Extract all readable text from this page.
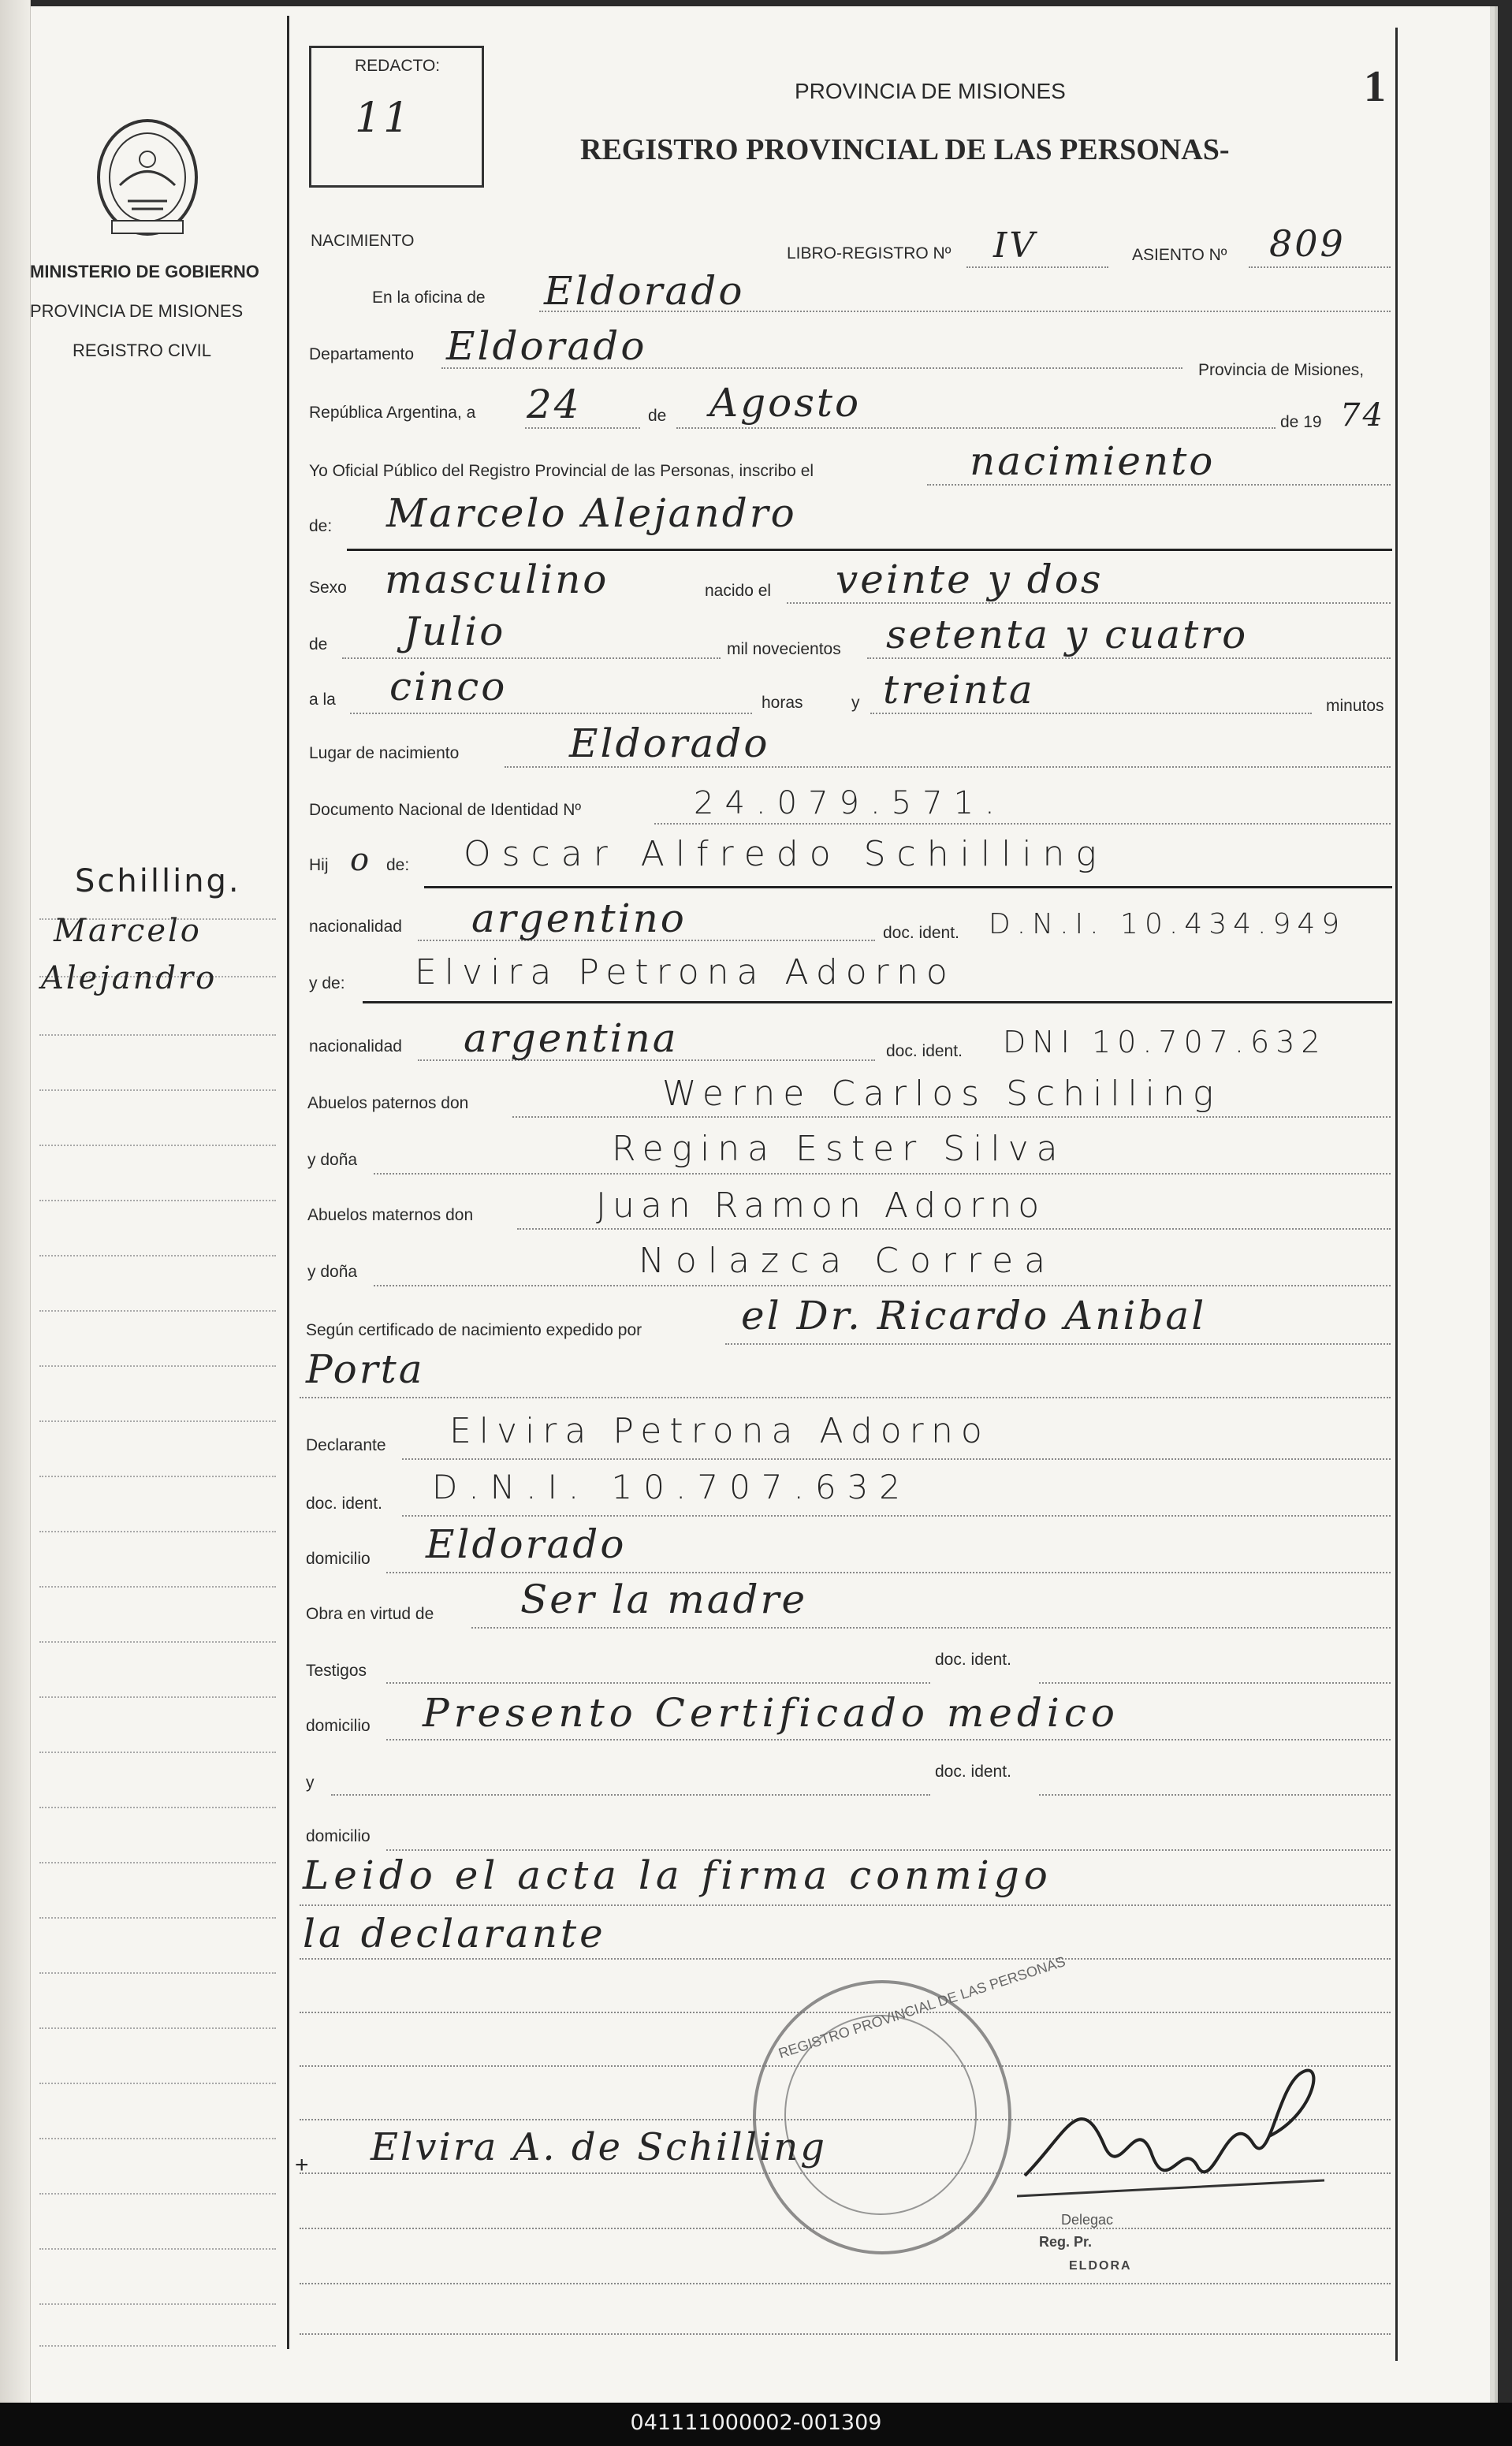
MINISTERIO DE GOBIERNO
PROVINCIA DE MISIONES
REGISTRO CIVIL
Schilling.
Marcelo
Alejandro
REDACTO:
11
PROVINCIA DE MISIONES
REGISTRO PROVINCIAL DE LAS PERSONAS-
1
NACIMIENTO
LIBRO-REGISTRO Nº IV	ASIENTO Nº 809
En la oficina de Eldorado
Departamento Eldorado
Provincia de Misiones,
República Argentina, a 24	de Agosto	de 19 74
Yo Oficial Público del Registro Provincial de las Personas, inscribo el	nacimiento
de: Marcelo Alejandro
Sexo masculino	nacido el veinte y dos
de Julio	mil novecientos setenta y cuatro
a la cinco	horas	y treinta	minutos
Lugar de nacimiento	Eldorado
Documento Nacional de Identidad Nº	24.079.571.
Hij o de: Oscar Alfredo Schilling
nacionalidad argentino	doc. ident. D.N.I. 10.434.949
y de: Elvira Petrona Adorno
nacionalidad argentina	doc. ident. DNI 10.707.632
Abuelos paternos don	Werne Carlos Schilling
y doña	Regina Ester Silva
Abuelos maternos don	Juan Ramon Adorno
y doña	Nolazca Correa
Según certificado de nacimiento expedido por	el Dr. Ricardo Anibal
Porta
Declarante Elvira Petrona Adorno
doc. ident. D.N.I. 10.707.632
domicilio Eldorado
Obra en virtud de Ser la madre
Testigos
doc. ident.
domicilio Presento Certificado medico
y
doc. ident.
domicilio
Leido el acta la firma conmigo
la declarante
REGISTRO PROVINCIAL DE LAS PERSONAS
Elvira A. de Schilling
+
Delegac
Reg. Pr.
ELDORA
041111000002-001309
